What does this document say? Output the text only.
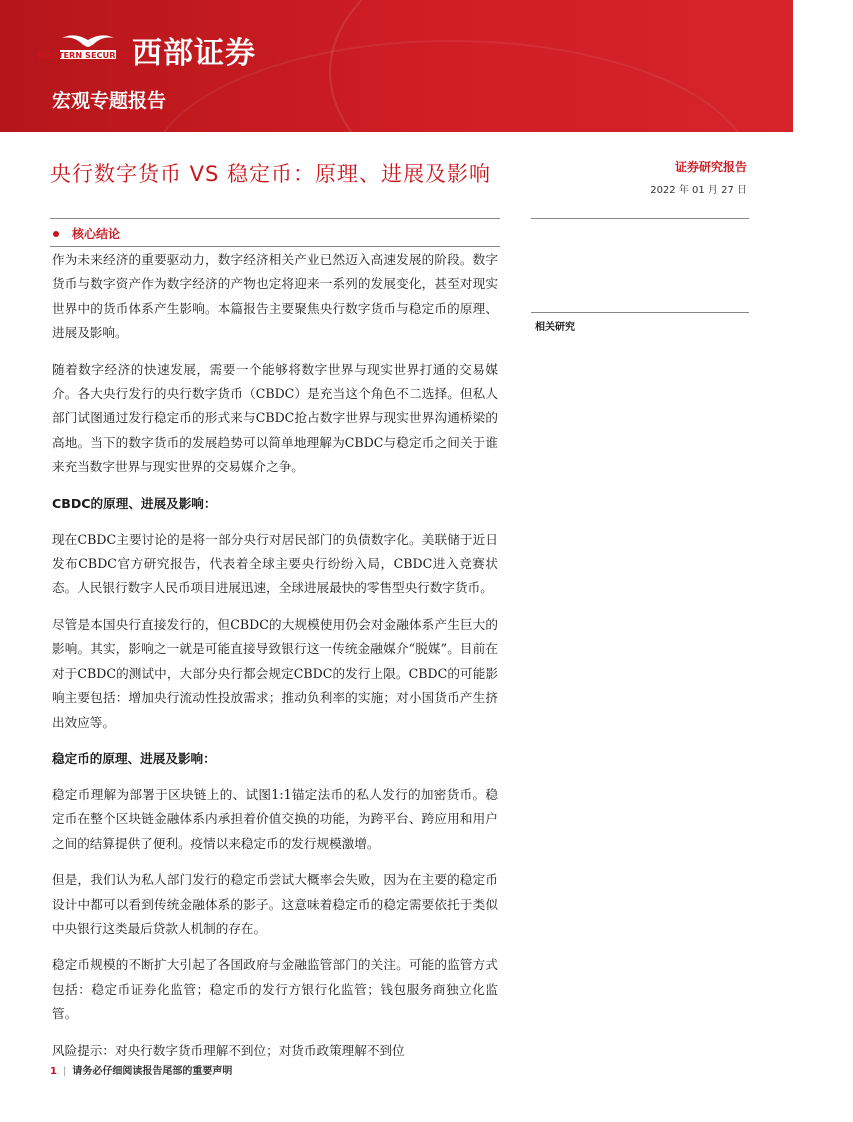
WESTERN SECURITIES
西部证券
宏观专题报告
央行数字货币 VS 稳定币：原理、进展及影响	证券研究报告
2022 年 01 月 27 日
核心结论
相关研究

作为未来经济的重要驱动力，数字经济相关产业已然迈入高速发展的阶段。数字货币与数字资产作为数字经济的产物也定将迎来一系列的发展变化，甚至对现实世界中的货币体系产生影响。本篇报告主要聚焦央行数字货币与稳定币的原理、进展及影响。

随着数字经济的快速发展，需要一个能够将数字世界与现实世界打通的交易媒介。各大央行发行的央行数字货币（CBDC）是充当这个角色不二选择。但私人部门试图通过发行稳定币的形式来与CBDC抢占数字世界与现实世界沟通桥梁的高地。当下的数字货币的发展趋势可以简单地理解为CBDC与稳定币之间关于谁来充当数字世界与现实世界的交易媒介之争。

CBDC的原理、进展及影响：

现在CBDC主要讨论的是将一部分央行对居民部门的负债数字化。美联储于近日发布CBDC官方研究报告，代表着全球主要央行纷纷入局，CBDC进入竞赛状态。人民银行数字人民币项目进展迅速，全球进展最快的零售型央行数字货币。

尽管是本国央行直接发行的，但CBDC的大规模使用仍会对金融体系产生巨大的影响。其实，影响之一就是可能直接导致银行这一传统金融媒介“脱媒”。目前在对于CBDC的测试中，大部分央行都会规定CBDC的发行上限。CBDC的可能影响主要包括：增加央行流动性投放需求；推动负利率的实施；对小国货币产生挤出效应等。

稳定币的原理、进展及影响：

稳定币理解为部署于区块链上的、试图1:1锚定法币的私人发行的加密货币。稳定币在整个区块链金融体系内承担着价值交换的功能，为跨平台、跨应用和用户之间的结算提供了便利。疫情以来稳定币的发行规模激增。

但是，我们认为私人部门发行的稳定币尝试大概率会失败，因为在主要的稳定币设计中都可以看到传统金融体系的影子。这意味着稳定币的稳定需要依托于类似中央银行这类最后贷款人机制的存在。

稳定币规模的不断扩大引起了各国政府与金融监管部门的关注。可能的监管方式包括：稳定币证券化监管；稳定币的发行方银行化监管；钱包服务商独立化监管。

风险提示：对央行数字货币理解不到位；对货币政策理解不到位

1 | 请务必仔细阅读报告尾部的重要声明
